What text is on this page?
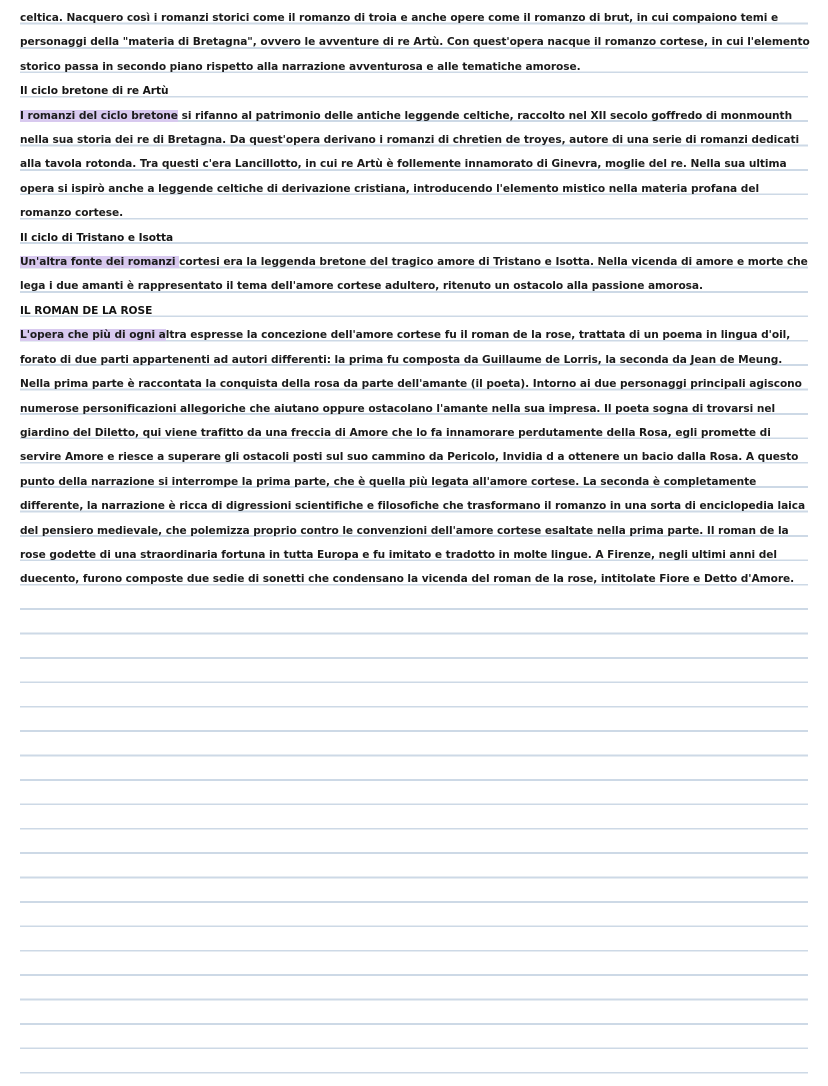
celtica. Nacquero così i romanzi storici come il romanzo di troia e anche opere come il romanzo di brut, in cui compaiono temi e personaggi della "materia di Bretagna", ovvero le avventure di re Artù. Con quest'opera nacque il romanzo cortese, in cui l'elemento storico passa in secondo piano rispetto alla narrazione avventurosa e alle tematiche amorose.

Il ciclo bretone di re Artù

I romanzi del ciclo bretone si rifanno al patrimonio delle antiche leggende celtiche, raccolto nel XII secolo goffredo di monmounth nella sua storia dei re di Bretagna. Da quest'opera derivano i romanzi di chretien de troyes, autore di una serie di romanzi dedicati alla tavola rotonda. Tra questi c'era Lancillotto, in cui re Artù è follemente innamorato di Ginevra, moglie del re. Nella sua ultima opera si ispirò anche a leggende celtiche di derivazione cristiana, introducendo l'elemento mistico nella materia profana del romanzo cortese.

Il ciclo di Tristano e Isotta

Un'altra fonte dei romanzi cortesi era la leggenda bretone del tragico amore di Tristano e Isotta. Nella vicenda di amore e morte che lega i due amanti è rappresentato il tema dell'amore cortese adultero, ritenuto un ostacolo alla passione amorosa.

IL ROMAN DE LA ROSE

L'opera che più di ogni altra espresse la concezione dell'amore cortese fu il roman de la rose, trattata di un poema in lingua d'oil, forato di due parti appartenenti ad autori differenti: la prima fu composta da Guillaume de Lorris, la seconda da Jean de Meung. Nella prima parte è raccontata la conquista della rosa da parte dell'amante (il poeta). Intorno ai due personaggi principali agiscono numerose personificazioni allegoriche che aiutano oppure ostacolano l'amante nella sua impresa. Il poeta sogna di trovarsi nel giardino del Diletto, qui viene trafitto da una freccia di Amore che lo fa innamorare perdutamente della Rosa, egli promette di servire Amore e riesce a superare gli ostacoli posti sul suo cammino da Pericolo, Invidia d a ottenere un bacio dalla Rosa. A questo punto della narrazione si interrompe la prima parte, che è quella più legata all'amore cortese. La seconda è completamente differente, la narrazione è ricca di digressioni scientifiche e filosofiche che trasformano il romanzo in una sorta di enciclopedia laica del pensiero medievale, che polemizza proprio contro le convenzioni dell'amore cortese esaltate nella prima parte. Il roman de la rose godette di una straordinaria fortuna in tutta Europa e fu imitato e tradotto in molte lingue. A Firenze, negli ultimi anni del duecento, furono composte due sedie di sonetti che condensano la vicenda del roman de la rose, intitolate Fiore e Detto d'Amore.
